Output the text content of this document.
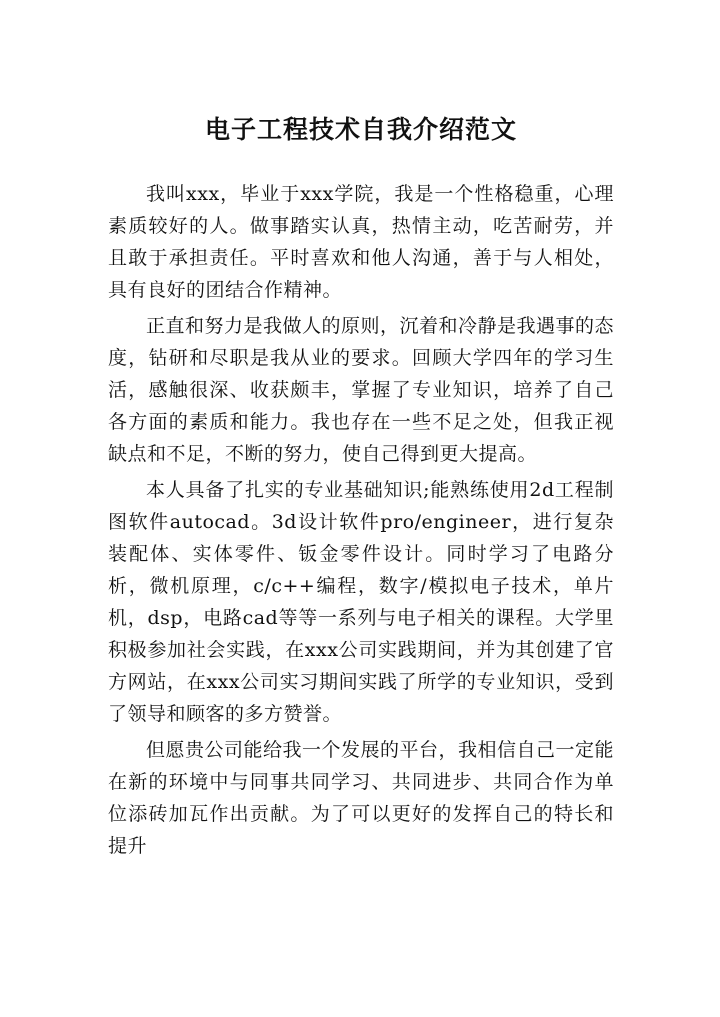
电子工程技术自我介绍范文

我叫xxx，毕业于xxx学院，我是一个性格稳重，心理素质较好的人。做事踏实认真，热情主动，吃苦耐劳，并且敢于承担责任。平时喜欢和他人沟通，善于与人相处，具有良好的团结合作精神。

正直和努力是我做人的原则，沉着和冷静是我遇事的态度，钻研和尽职是我从业的要求。回顾大学四年的学习生活，感触很深、收获颇丰，掌握了专业知识，培养了自己各方面的素质和能力。我也存在一些不足之处，但我正视缺点和不足，不断的努力，使自己得到更大提高。

本人具备了扎实的专业基础知识;能熟练使用2d工程制图软件autocad。3d设计软件pro/engineer，进行复杂装配体、实体零件、钣金零件设计。同时学习了电路分析，微机原理，c/c++编程，数字/模拟电子技术，单片机，dsp，电路cad等等一系列与电子相关的课程。大学里积极参加社会实践，在xxx公司实践期间，并为其创建了官方网站，在xxx公司实习期间实践了所学的专业知识，受到了领导和顾客的多方赞誉。

但愿贵公司能给我一个发展的平台，我相信自己一定能在新的环境中与同事共同学习、共同进步、共同合作为单位添砖加瓦作出贡献。为了可以更好的发挥自己的特长和提升
